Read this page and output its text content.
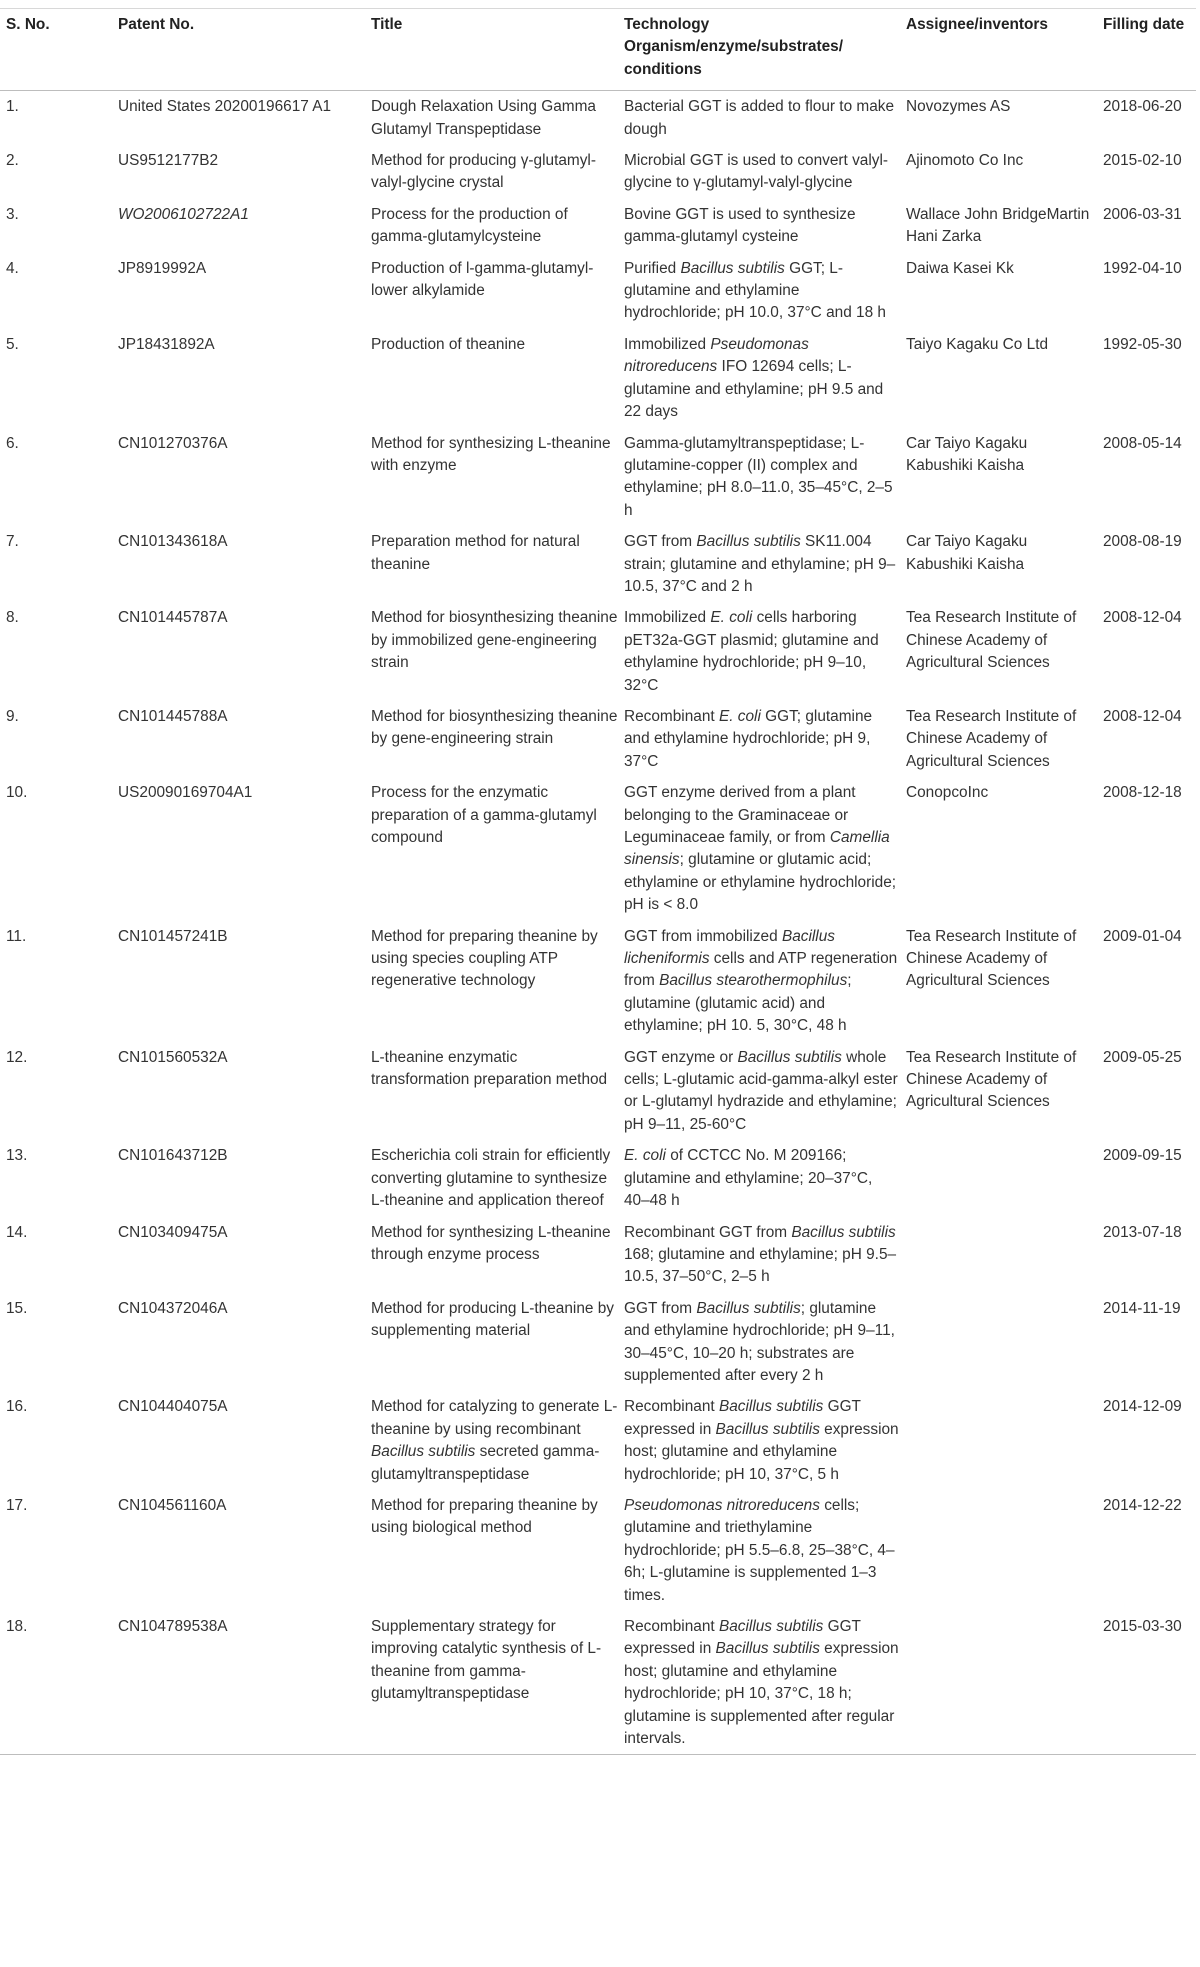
S. No.	Patent No.	Title	Technology Organism/enzyme/substrates/ conditions	Assignee/inventors	Filling date
1.	United States 20200196617 A1	Dough Relaxation Using Gamma Glutamyl Transpeptidase	Bacterial GGT is added to flour to make dough	Novozymes AS	2018-06-20
2.	US9512177B2	Method for producing γ-glutamyl-valyl-glycine crystal	Microbial GGT is used to convert valyl-glycine to γ-glutamyl-valyl-glycine	Ajinomoto Co Inc	2015-02-10
3.	WO2006102722A1	Process for the production of gamma-glutamylcysteine	Bovine GGT is used to synthesize gamma-glutamyl cysteine	Wallace John BridgeMartin Hani Zarka	2006-03-31
4.	JP8919992A	Production of l-gamma-glutamyl-lower alkylamide	Purified Bacillus subtilis GGT; L-glutamine and ethylamine hydrochloride; pH 10.0, 37°C and 18 h	Daiwa Kasei Kk	1992-04-10
5.	JP18431892A	Production of theanine	Immobilized Pseudomonas nitroreducens IFO 12694 cells; L-glutamine and ethylamine; pH 9.5 and 22 days	Taiyo Kagaku Co Ltd	1992-05-30
6.	CN101270376A	Method for synthesizing L-theanine with enzyme	Gamma-glutamyltranspeptidase; L-glutamine-copper (II) complex and ethylamine; pH 8.0–11.0, 35–45°C, 2–5 h	Car Taiyo Kagaku Kabushiki Kaisha	2008-05-14
7.	CN101343618A	Preparation method for natural theanine	GGT from Bacillus subtilis SK11.004 strain; glutamine and ethylamine; pH 9–10.5, 37°C and 2 h	Car Taiyo Kagaku Kabushiki Kaisha	2008-08-19
8.	CN101445787A	Method for biosynthesizing theanine by immobilized gene-engineering strain	Immobilized E. coli cells harboring pET32a-GGT plasmid; glutamine and ethylamine hydrochloride; pH 9–10, 32°C	Tea Research Institute of Chinese Academy of Agricultural Sciences	2008-12-04
9.	CN101445788A	Method for biosynthesizing theanine by gene-engineering strain	Recombinant E. coli GGT; glutamine and ethylamine hydrochloride; pH 9, 37°C	Tea Research Institute of Chinese Academy of Agricultural Sciences	2008-12-04
10.	US20090169704A1	Process for the enzymatic preparation of a gamma-glutamyl compound	GGT enzyme derived from a plant belonging to the Graminaceae or Leguminaceae family, or from Camellia sinensis; glutamine or glutamic acid; ethylamine or ethylamine hydrochloride; pH is < 8.0	ConopcoInc	2008-12-18
11.	CN101457241B	Method for preparing theanine by using species coupling ATP regenerative technology	GGT from immobilized Bacillus licheniformis cells and ATP regeneration from Bacillus stearothermophilus; glutamine (glutamic acid) and ethylamine; pH 10. 5, 30°C, 48 h	Tea Research Institute of Chinese Academy of Agricultural Sciences	2009-01-04
12.	CN101560532A	L-theanine enzymatic transformation preparation method	GGT enzyme or Bacillus subtilis whole cells; L-glutamic acid-gamma-alkyl ester or L-glutamyl hydrazide and ethylamine; pH 9–11, 25-60°C	Tea Research Institute of Chinese Academy of Agricultural Sciences	2009-05-25
13.	CN101643712B	Escherichia coli strain for efficiently converting glutamine to synthesize L-theanine and application thereof	E. coli of CCTCC No. M 209166; glutamine and ethylamine; 20–37°C, 40–48 h		2009-09-15
14.	CN103409475A	Method for synthesizing L-theanine through enzyme process	Recombinant GGT from Bacillus subtilis 168; glutamine and ethylamine; pH 9.5–10.5, 37–50°C, 2–5 h		2013-07-18
15.	CN104372046A	Method for producing L-theanine by supplementing material	GGT from Bacillus subtilis; glutamine and ethylamine hydrochloride; pH 9–11, 30–45°C, 10–20 h; substrates are supplemented after every 2 h		2014-11-19
16.	CN104404075A	Method for catalyzing to generate L-theanine by using recombinant Bacillus subtilis secreted gamma-glutamyltranspeptidase	Recombinant Bacillus subtilis GGT expressed in Bacillus subtilis expression host; glutamine and ethylamine hydrochloride; pH 10, 37°C, 5 h		2014-12-09
17.	CN104561160A	Method for preparing theanine by using biological method	Pseudomonas nitroreducens cells; glutamine and triethylamine hydrochloride; pH 5.5–6.8, 25–38°C, 4–6h; L-glutamine is supplemented 1–3 times.		2014-12-22
18.	CN104789538A	Supplementary strategy for improving catalytic synthesis of L-theanine from gamma-glutamyltranspeptidase	Recombinant Bacillus subtilis GGT expressed in Bacillus subtilis expression host; glutamine and ethylamine hydrochloride; pH 10, 37°C, 18 h; glutamine is supplemented after regular intervals.		2015-03-30
